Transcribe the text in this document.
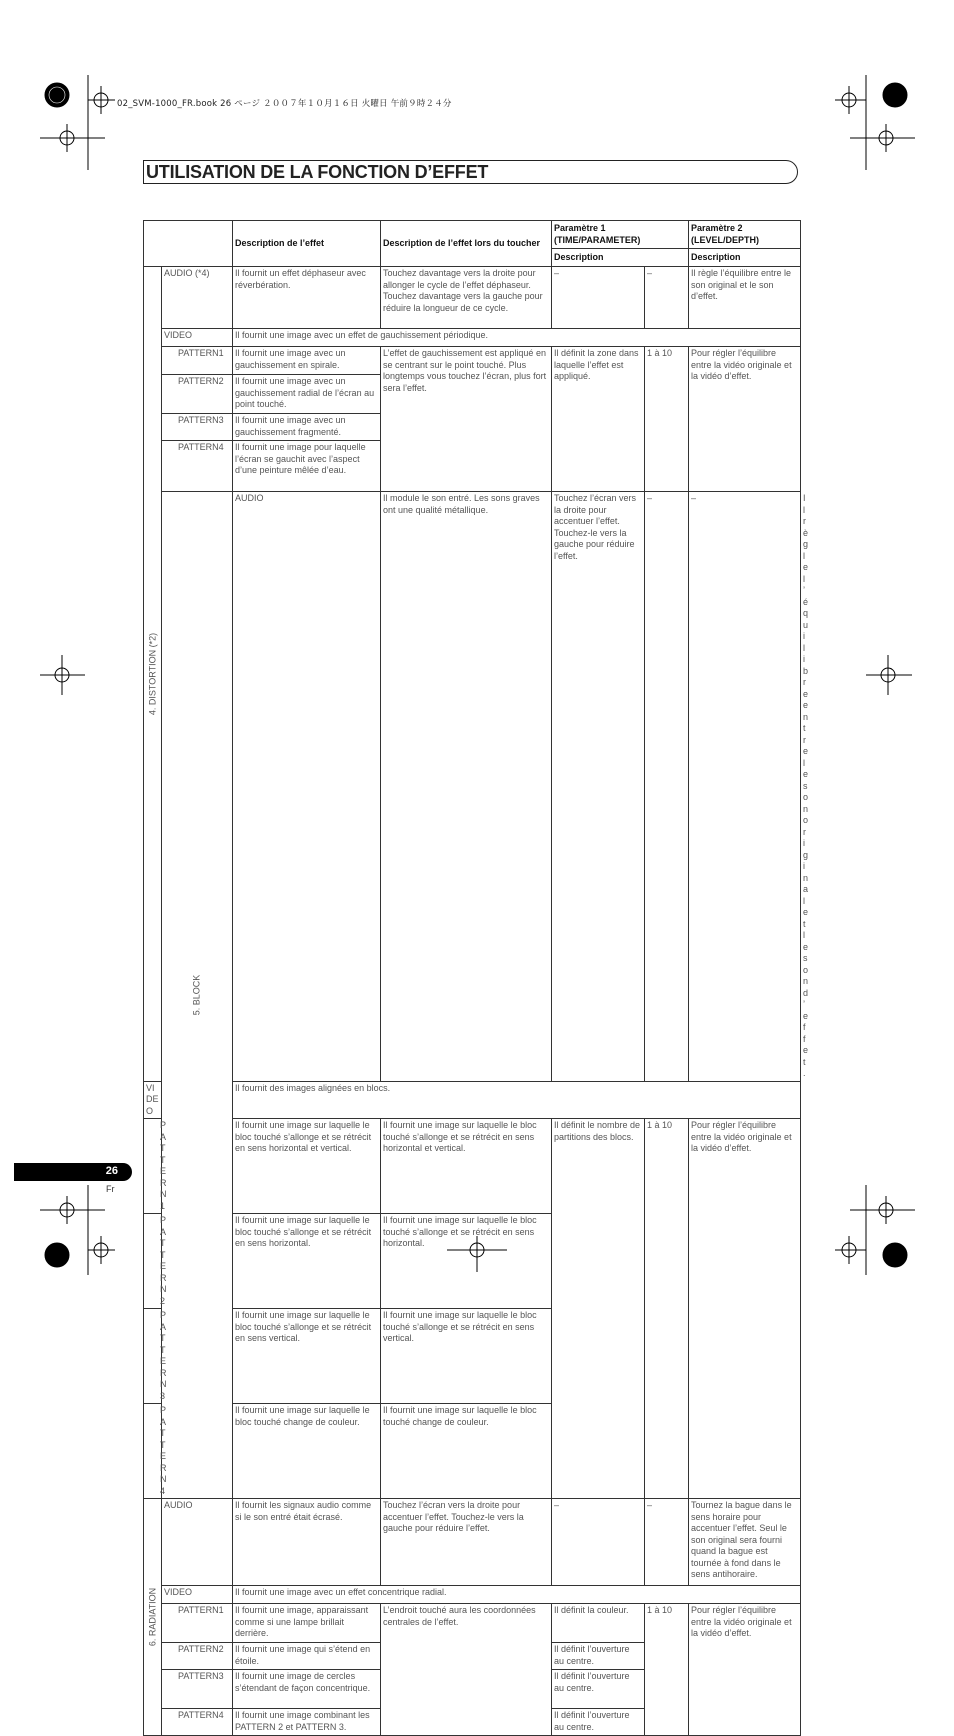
02_SVM-1000_FR.book 26 ページ ２００７年１０月１６日 火曜日 午前９時２４分
UTILISATION DE LA FONCTION D’EFFET
		Description de l’effet	Description de l’effet lors du toucher	Paramètre 1 (TIME/PARAMETER)		Paramètre 2 (LEVEL/DEPTH)	
				Description		Description	

4. DISTORTION (*2)	AUDIO (*4)	Il fournit un effet déphaseur avec réverbération.	Touchez davantage vers la droite pour allonger le cycle de l’effet déphaseur. Touchez davantage vers la gauche pour réduire la longueur de ce cycle.	–	–	Il règle l’équilibre entre le son original et le son d’effet.	
	VIDEO	Il fournit une image avec un effet de gauchissement périodique.					
	PATTERN1	Il fournit une image avec un gauchissement en spirale.	L’effet de gauchissement est appliqué en se centrant sur le point touché. Plus longtemps vous touchez l’écran, plus fort sera l’effet.	Il définit la zone dans laquelle l’effet est appliqué.	1 à 10	Pour régler l’équilibre entre la vidéo originale et la vidéo d’effet.	
	PATTERN2	Il fournit une image avec un gauchissement radial de l’écran au point touché.					
	PATTERN3	Il fournit une image avec un gauchissement fragmenté.					
	PATTERN4	Il fournit une image pour laquelle l’écran se gauchit avec l’aspect d’une peinture mêlée d’eau.					

	5. BLOCK	AUDIO	Il module le son entré. Les sons graves ont une qualité métallique.	Touchez l’écran vers la droite pour accentuer l’effet. Touchez-le vers la gauche pour réduire l’effet.	–	–	Il règle l’équilibre entre le son original et le son d’effet.
VIDEO		Il fournit des images alignées en blocs.					
PATTERN1		Il fournit une image sur laquelle le bloc touché s’allonge et se rétrécit en sens horizontal et vertical.	Il fournit une image sur laquelle le bloc touché s’allonge et se rétrécit en sens horizontal et vertical.	Il définit le nombre de partitions des blocs.	1 à 10	Pour régler l’équilibre entre la vidéo originale et la vidéo d’effet.	
PATTERN2		Il fournit une image sur laquelle le bloc touché s’allonge et se rétrécit en sens horizontal.	Il fournit une image sur laquelle le bloc touché s’allonge et se rétrécit en sens horizontal.				
PATTERN3		Il fournit une image sur laquelle le bloc touché s’allonge et se rétrécit en sens vertical.	Il fournit une image sur laquelle le bloc touché s’allonge et se rétrécit en sens vertical.				
PATTERN4		Il fournit une image sur laquelle le bloc touché change de couleur.	Il fournit une image sur laquelle le bloc touché change de couleur.				

6. RADIATION	AUDIO	Il fournit les signaux audio comme si le son entré était écrasé.	Touchez l’écran vers la droite pour accentuer l’effet. Touchez-le vers la gauche pour réduire l’effet.	–	–	Tournez la bague dans le sens horaire pour accentuer l’effet. Seul le son original sera fourni quand la bague est tournée à fond dans le sens antihoraire.	
	VIDEO	Il fournit une image avec un effet concentrique radial.					
	PATTERN1	Il fournit une image, apparaissant comme si une lampe brillait derrière.	L’endroit touché aura les coordonnées centrales de l’effet.	Il définit la couleur.	1 à 10	Pour régler l’équilibre entre la vidéo originale et la vidéo d’effet.	
	PATTERN2	Il fournit une image qui s’étend en étoile.		Il définit l’ouverture au centre.			
	PATTERN3	Il fournit une image de cercles s’étendant de façon concentrique.		Il définit l’ouverture au centre.			
	PATTERN4	Il fournit une image combinant les PATTERN 2 et PATTERN 3.		Il définit l’ouverture au centre.			
26
Fr
